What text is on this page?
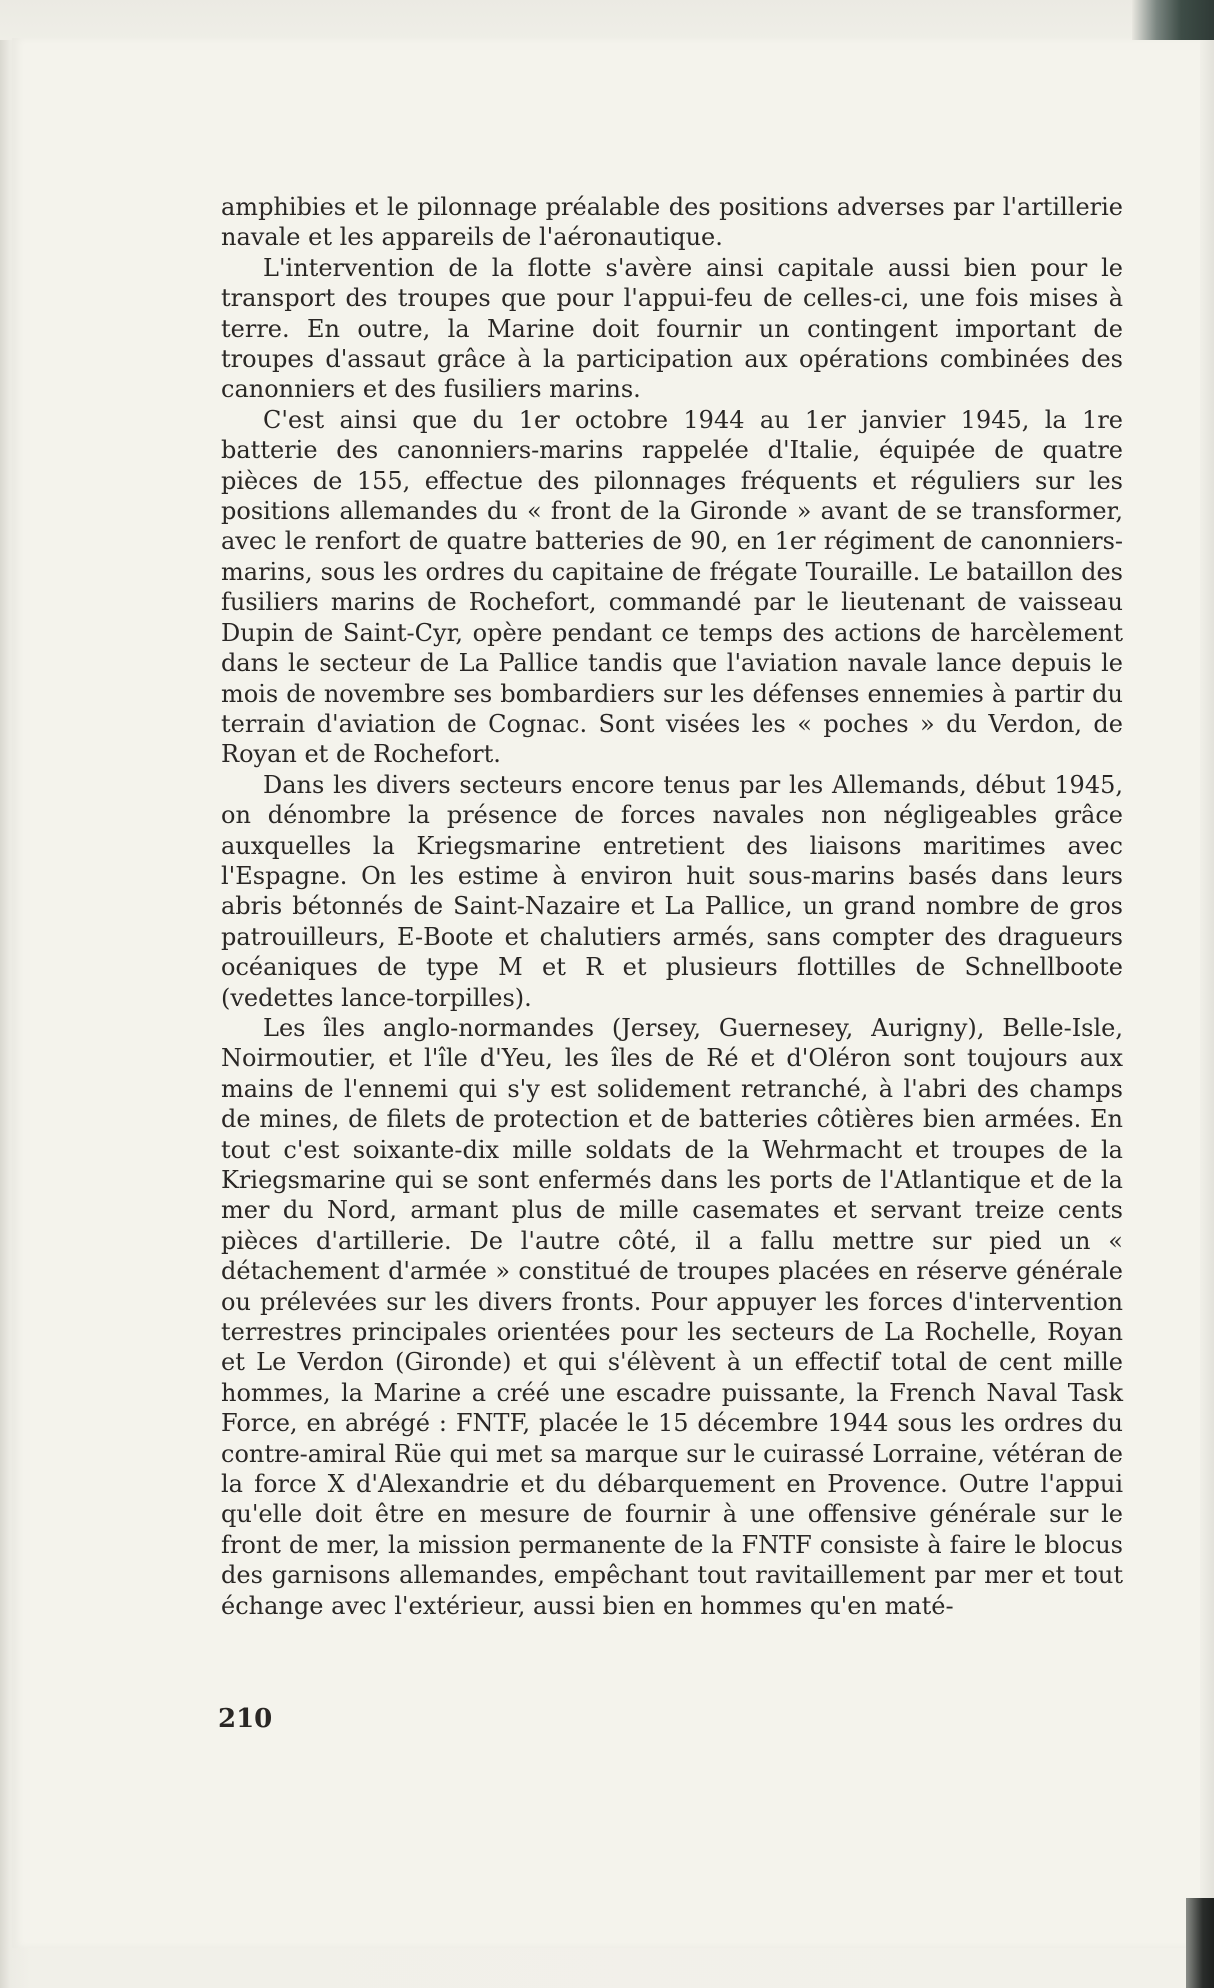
amphibies et le pilonnage préalable des positions adverses par l'artillerie navale et les appareils de l'aéronautique.

L'intervention de la flotte s'avère ainsi capitale aussi bien pour le transport des troupes que pour l'appui-feu de celles-ci, une fois mises à terre. En outre, la Marine doit fournir un contingent important de troupes d'assaut grâce à la participation aux opérations combinées des canonniers et des fusiliers marins.

C'est ainsi que du 1er octobre 1944 au 1er janvier 1945, la 1re batterie des canonniers-marins rappelée d'Italie, équipée de quatre pièces de 155, effectue des pilonnages fréquents et réguliers sur les positions allemandes du « front de la Gironde » avant de se transformer, avec le renfort de quatre batteries de 90, en 1er régiment de canonniers-marins, sous les ordres du capitaine de frégate Touraille. Le bataillon des fusiliers marins de Rochefort, commandé par le lieutenant de vaisseau Dupin de Saint-Cyr, opère pendant ce temps des actions de harcèlement dans le secteur de La Pallice tandis que l'aviation navale lance depuis le mois de novembre ses bombardiers sur les défenses ennemies à partir du terrain d'aviation de Cognac. Sont visées les « poches » du Verdon, de Royan et de Rochefort.

Dans les divers secteurs encore tenus par les Allemands, début 1945, on dénombre la présence de forces navales non négligeables grâce auxquelles la Kriegsmarine entretient des liaisons maritimes avec l'Espagne. On les estime à environ huit sous-marins basés dans leurs abris bétonnés de Saint-Nazaire et La Pallice, un grand nombre de gros patrouilleurs, E-Boote et chalutiers armés, sans compter des dragueurs océaniques de type M et R et plusieurs flottilles de Schnellboote (vedettes lance-torpilles).

Les îles anglo-normandes (Jersey, Guernesey, Aurigny), Belle-Isle, Noirmoutier, et l'île d'Yeu, les îles de Ré et d'Oléron sont toujours aux mains de l'ennemi qui s'y est solidement retranché, à l'abri des champs de mines, de filets de protection et de batteries côtières bien armées. En tout c'est soixante-dix mille soldats de la Wehrmacht et troupes de la Kriegsmarine qui se sont enfermés dans les ports de l'Atlantique et de la mer du Nord, armant plus de mille casemates et servant treize cents pièces d'artillerie. De l'autre côté, il a fallu mettre sur pied un « détachement d'armée » constitué de troupes placées en réserve générale ou prélevées sur les divers fronts. Pour appuyer les forces d'intervention terrestres principales orientées pour les secteurs de La Rochelle, Royan et Le Verdon (Gironde) et qui s'élèvent à un effectif total de cent mille hommes, la Marine a créé une escadre puissante, la French Naval Task Force, en abrégé : FNTF, placée le 15 décembre 1944 sous les ordres du contre-amiral Rüe qui met sa marque sur le cuirassé Lorraine, vétéran de la force X d'Alexandrie et du débarquement en Provence. Outre l'appui qu'elle doit être en mesure de fournir à une offensive générale sur le front de mer, la mission permanente de la FNTF consiste à faire le blocus des garnisons allemandes, empêchant tout ravitaillement par mer et tout échange avec l'extérieur, aussi bien en hommes qu'en maté-

210
